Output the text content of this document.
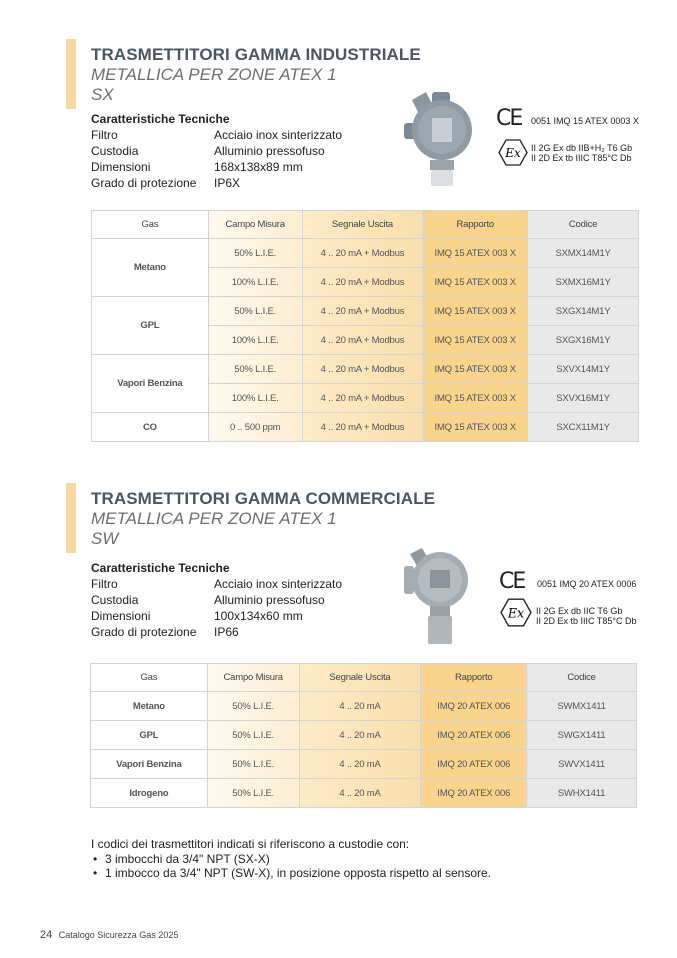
TRASMETTITORI GAMMA INDUSTRIALE
METALLICA PER ZONE ATEX 1
SX
Caratteristiche Tecniche
Filtro	Acciaio inox sinterizzato
Custodia	Alluminio pressofuso
Dimensioni	168x138x89 mm
Grado di protezione	IP6X
CE 0051 IMQ 15 ATEX 0003 X
Ex II 2G Ex db IIB+H₂ T6 Gb
II 2D Ex tb IIIC T85°C Db
Gas	Campo Misura	Segnale Uscita	Rapporto	Codice
Metano	50% L.I.E.	4 .. 20 mA + Modbus	IMQ 15 ATEX 003 X	SXMX14M1Y
	100% L.I.E.	4 .. 20 mA + Modbus	IMQ 15 ATEX 003 X	SXMX16M1Y
GPL	50% L.I.E.	4 .. 20 mA + Modbus	IMQ 15 ATEX 003 X	SXGX14M1Y
	100% L.I.E.	4 .. 20 mA + Modbus	IMQ 15 ATEX 003 X	SXGX16M1Y
Vapori Benzina	50% L.I.E.	4 .. 20 mA + Modbus	IMQ 15 ATEX 003 X	SXVX14M1Y
	100% L.I.E.	4 .. 20 mA + Modbus	IMQ 15 ATEX 003 X	SXVX16M1Y
CO	0 .. 500 ppm	4 .. 20 mA + Modbus	IMQ 15 ATEX 003 X	SXCX11M1Y
TRASMETTITORI GAMMA COMMERCIALE
METALLICA PER ZONE ATEX 1
SW
Caratteristiche Tecniche
Filtro	Acciaio inox sinterizzato
Custodia	Alluminio pressofuso
Dimensioni	100x134x60 mm
Grado di protezione	IP66
CE 0051 IMQ 20 ATEX 0006
Ex II 2G Ex db IIC T6 Gb
II 2D Ex tb IIIC T85°C Db
Gas	Campo Misura	Segnale Uscita	Rapporto	Codice
Metano	50% L.I.E.	4 .. 20 mA	IMQ 20 ATEX 006	SWMX1411
GPL	50% L.I.E.	4 .. 20 mA	IMQ 20 ATEX 006	SWGX1411
Vapori Benzina	50% L.I.E.	4 .. 20 mA	IMQ 20 ATEX 006	SWVX1411
Idrogeno	50% L.I.E.	4 .. 20 mA	IMQ 20 ATEX 006	SWHX1411
I codici dei trasmettitori indicati si riferiscono a custodie con:
• 3 imbocchi da 3/4" NPT (SX-X)
• 1 imbocco da 3/4" NPT (SW-X), in posizione opposta rispetto al sensore.
24 Catalogo Sicurezza Gas 2025
